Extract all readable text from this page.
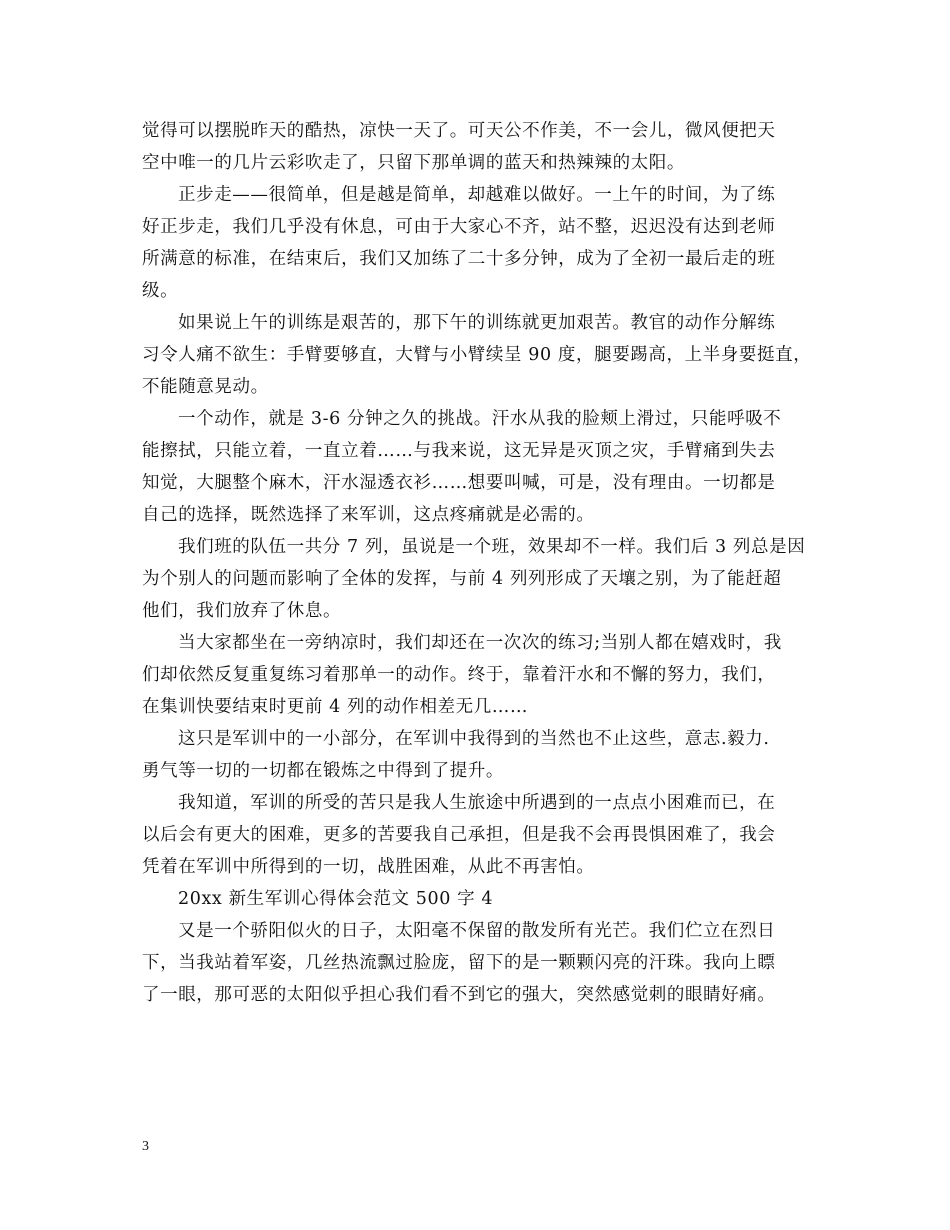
觉得可以摆脱昨天的酷热，凉快一天了。可天公不作美，不一会儿，微风便把天
空中唯一的几片云彩吹走了，只留下那单调的蓝天和热辣辣的太阳。
正步走——很简单，但是越是简单，却越难以做好。一上午的时间，为了练
好正步走，我们几乎没有休息，可由于大家心不齐，站不整，迟迟没有达到老师
所满意的标准，在结束后，我们又加练了二十多分钟，成为了全初一最后走的班
级。
如果说上午的训练是艰苦的，那下午的训练就更加艰苦。教官的动作分解练
习令人痛不欲生：手臂要够直，大臂与小臂续呈 90 度，腿要踢高，上半身要挺直，
不能随意晃动。
一个动作，就是 3-6 分钟之久的挑战。汗水从我的脸颊上滑过，只能呼吸不
能擦拭，只能立着，一直立着……与我来说，这无异是灭顶之灾，手臂痛到失去
知觉，大腿整个麻木，汗水湿透衣衫……想要叫喊，可是，没有理由。一切都是
自己的选择，既然选择了来军训，这点疼痛就是必需的。
我们班的队伍一共分 7 列，虽说是一个班，效果却不一样。我们后 3 列总是因
为个别人的问题而影响了全体的发挥，与前 4 列列形成了天壤之别，为了能赶超
他们，我们放弃了休息。
当大家都坐在一旁纳凉时，我们却还在一次次的练习;当别人都在嬉戏时，我
们却依然反复重复练习着那单一的动作。终于，靠着汗水和不懈的努力，我们，
在集训快要结束时更前 4 列的动作相差无几……
这只是军训中的一小部分，在军训中我得到的当然也不止这些，意志.毅力.
勇气等一切的一切都在锻炼之中得到了提升。
我知道，军训的所受的苦只是我人生旅途中所遇到的一点点小困难而已，在
以后会有更大的困难，更多的苦要我自己承担，但是我不会再畏惧困难了，我会
凭着在军训中所得到的一切，战胜困难，从此不再害怕。
20xx 新生军训心得体会范文 500 字 4
又是一个骄阳似火的日子，太阳毫不保留的散发所有光芒。我们伫立在烈日
下，当我站着军姿，几丝热流飘过脸庞，留下的是一颗颗闪亮的汗珠。我向上瞟
了一眼，那可恶的太阳似乎担心我们看不到它的强大，突然感觉刺的眼睛好痛。
3
